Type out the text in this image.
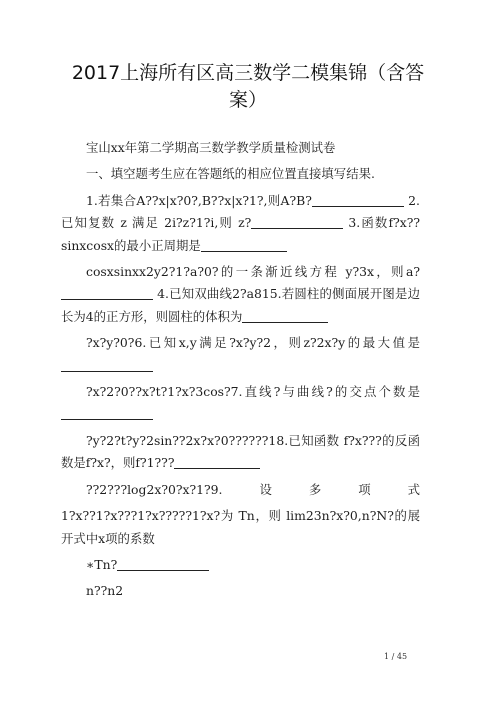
2017上海所有区高三数学二模集锦（含答案）

宝山xx年第二学期高三数学教学质量检测试卷

一、填空题考生应在答题纸的相应位置直接填写结果.

1.若集合A??x|x?0?,B??x|x?1?,则A?B?	2.已知复数 z 满足 2i?z?1?i,则 z?	3.函数f?x??sinxcosx的最小正周期是

cosxsinxx2y2?1?a?0?的一条渐近线方程 y?3x，则a? 4.已知双曲线2?a815.若圆柱的侧面展开图是边长为4的正方形，则圆柱的体积为

?x?y?0?6.已知x,y满足?x?y?2，则z?2x?y的最大值是

?x?2?0??x?t?1?x?3cos?7.直线?与曲线?的交点个数是

?y?2?t?y?2sin??2x?x?0??????18.已知函数 f?x???的反函数是f?x?，则f?1???

??2???log2x?0?x?1?9.	设	多	项	式

1?x??1?x???1?x?????1?x?为 Tn，则 lim23n?x?0,n?N?的展开式中x项的系数

∗Tn?

n??n2

1 / 45
